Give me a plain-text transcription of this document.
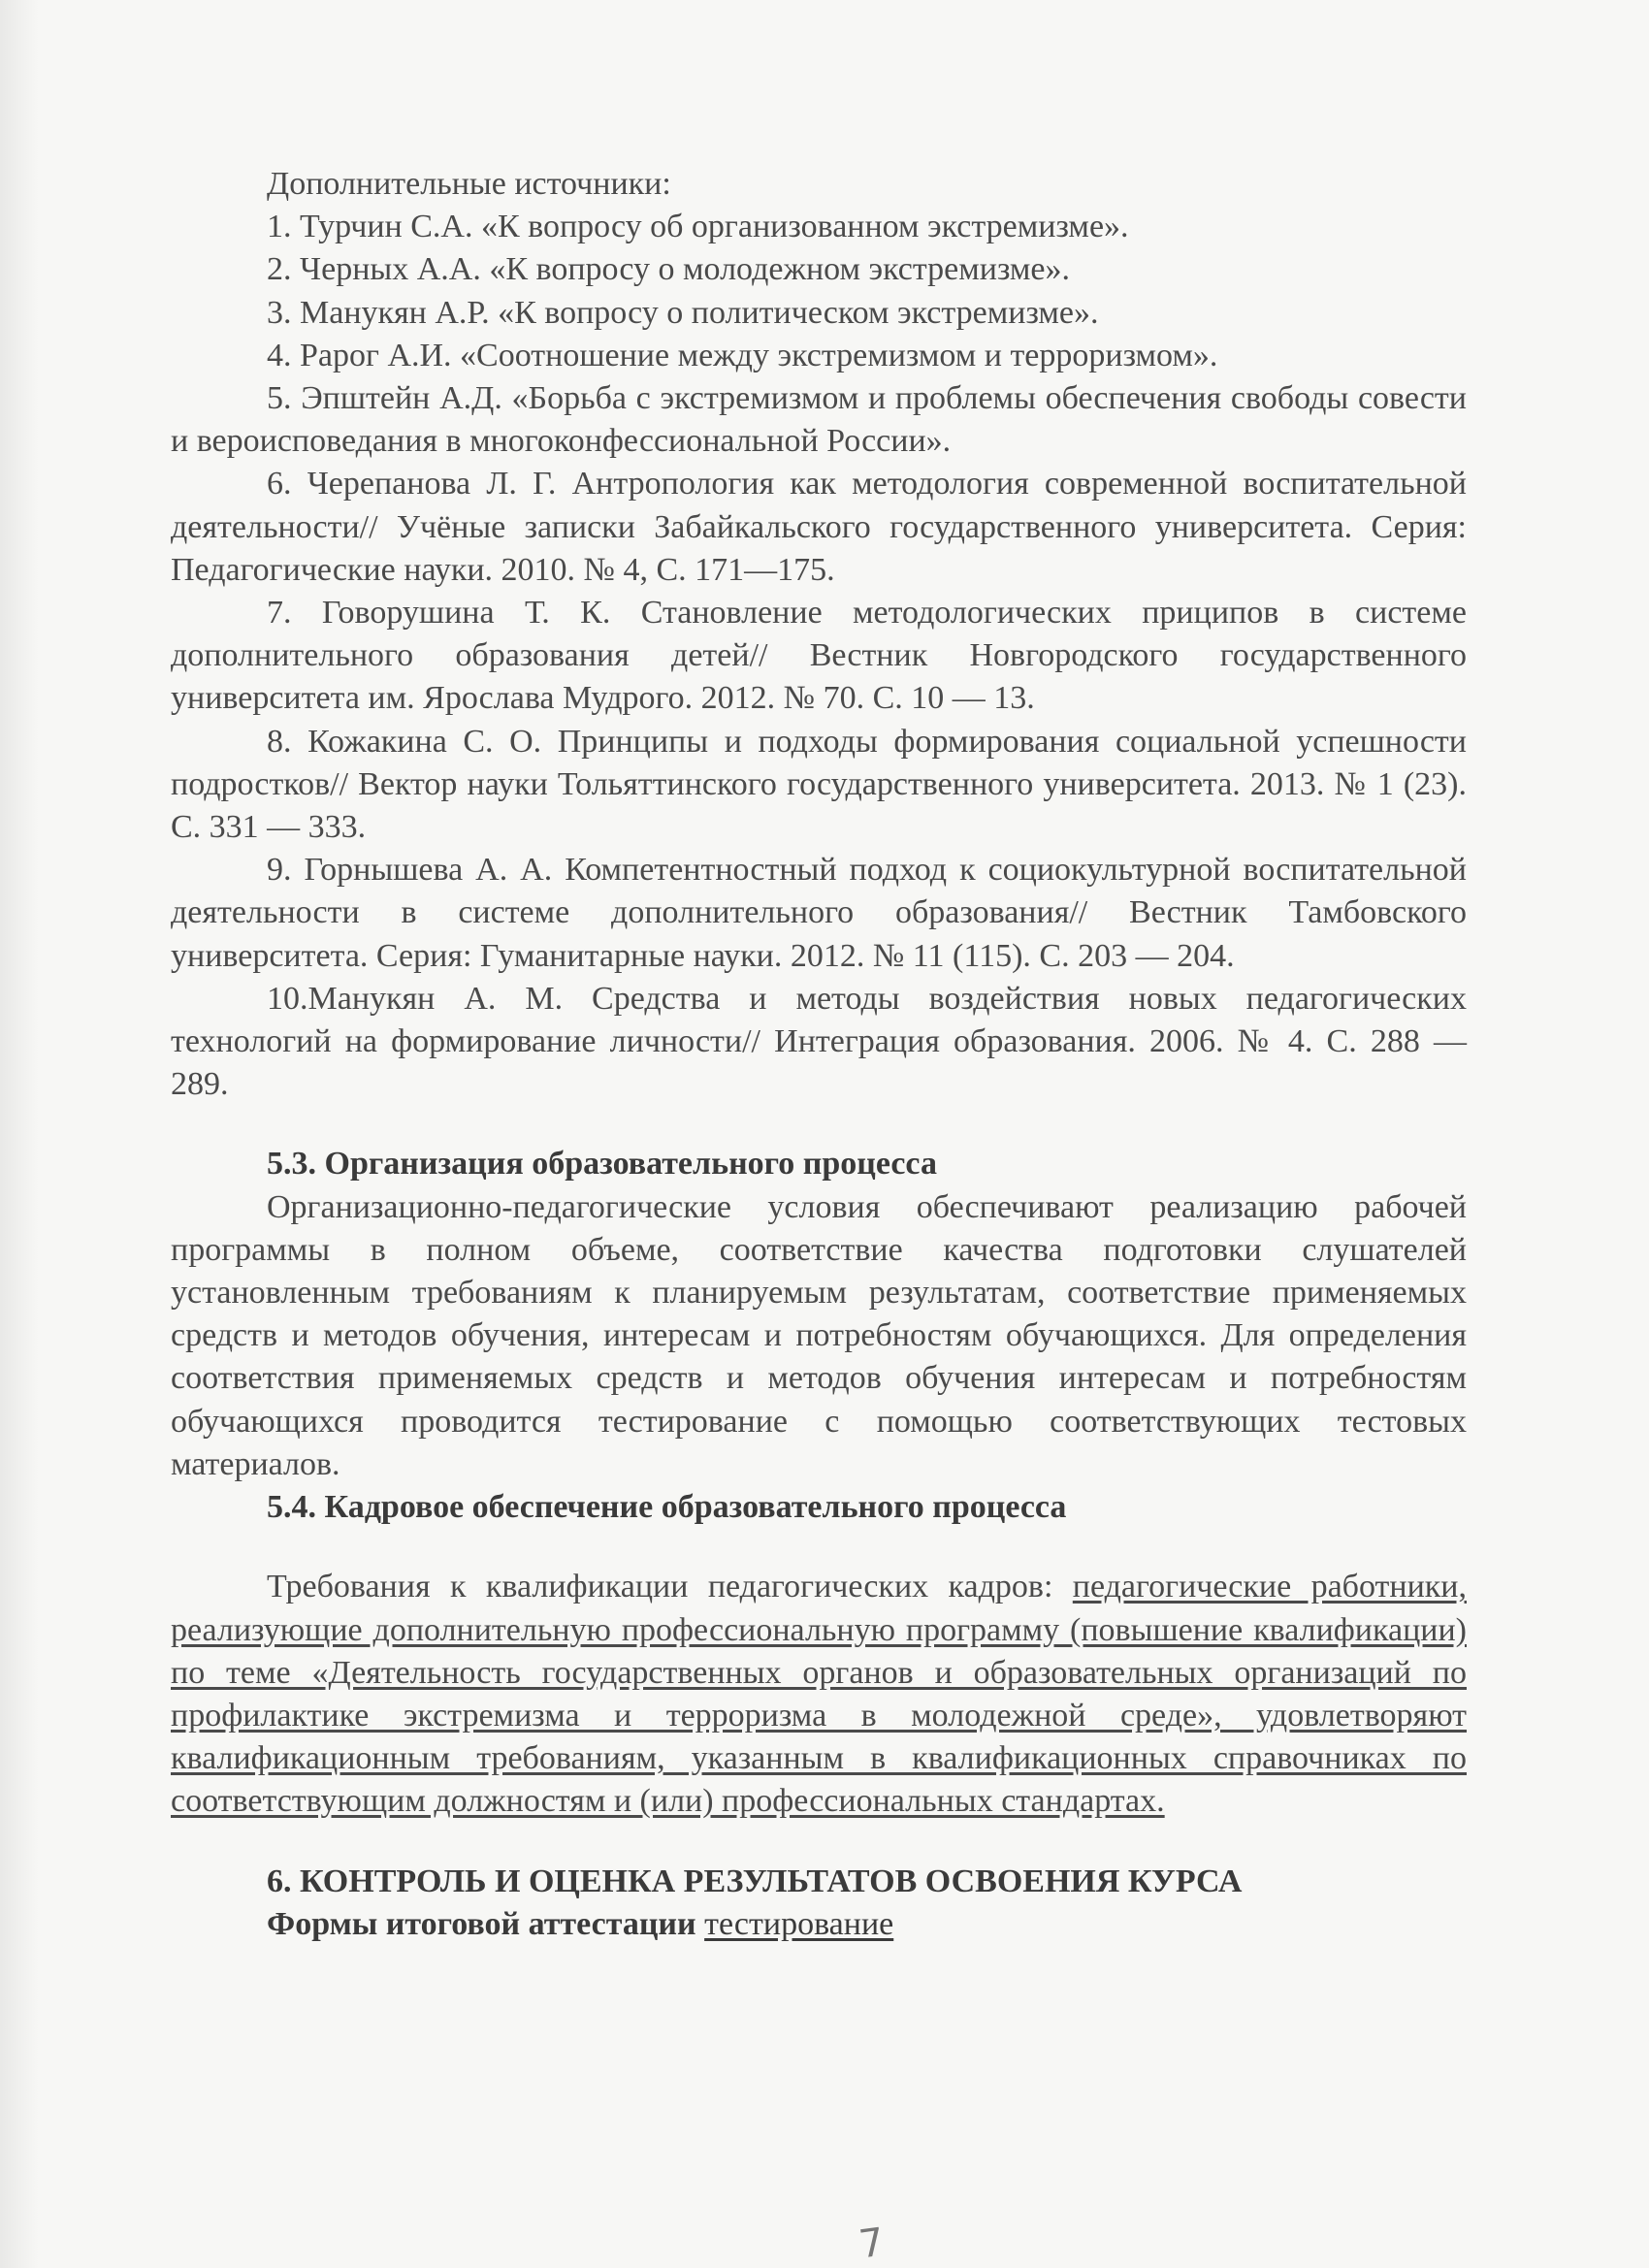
Дополнительные источники:

1. Турчин С.А. «К вопросу об организованном экстремизме».

2. Черных А.А. «К вопросу о молодежном экстремизме».

3. Манукян А.Р. «К вопросу о политическом экстремизме».

4. Рарог А.И. «Соотношение между экстремизмом и терроризмом».

5. Эпштейн А.Д. «Борьба с экстремизмом и проблемы обеспечения свободы совести и вероисповедания в многоконфессиональной России».

6. Черепанова Л. Г. Антропология как методология современной воспитательной деятельности// Учёные записки Забайкальского государственного университета. Серия: Педагогические науки. 2010. № 4, С. 171—175.

7. Говорушина Т. К. Становление методологических приципов в системе дополнительного образования детей// Вестник Новгородского государственного университета им. Ярослава Мудрого. 2012. № 70. С. 10 — 13.

8. Кожакина С. О. Принципы и подходы формирования социальной успешности подростков// Вектор науки Тольяттинского государственного университета. 2013. № 1 (23). С. 331 — 333.

9. Горнышева А. А. Компетентностный подход к социокультурной воспитательной деятельности в системе дополнительного образования// Вестник Тамбовского университета. Серия: Гуманитарные науки. 2012. № 11 (115). С. 203 — 204.

10.Манукян А. М. Средства и методы воздействия новых педагогических технологий на формирование личности// Интеграция образования. 2006. № 4. С. 288 — 289.

5.3. Организация образовательного процесса

Организационно-педагогические условия обеспечивают реализацию рабочей программы в полном объеме, соответствие качества подготовки слушателей установленным требованиям к планируемым результатам, соответствие применяемых средств и методов обучения, интересам и потребностям обучающихся. Для определения соответствия применяемых средств и методов обучения интересам и потребностям обучающихся проводится тестирование с помощью соответствующих тестовых материалов.

5.4. Кадровое обеспечение образовательного процесса

Требования к квалификации педагогических кадров: педагогические работники, реализующие дополнительную профессиональную программу (повышение квалификации) по теме «Деятельность государственных органов и образовательных организаций по профилактике экстремизма и терроризма в молодежной среде», удовлетворяют квалификационным требованиям, указанным в квалификационных справочниках по соответствующим должностям и (или) профессиональных стандартах.

6. КОНТРОЛЬ И ОЦЕНКА РЕЗУЛЬТАТОВ ОСВОЕНИЯ КУРСА

Формы итоговой аттестации тестирование

7
